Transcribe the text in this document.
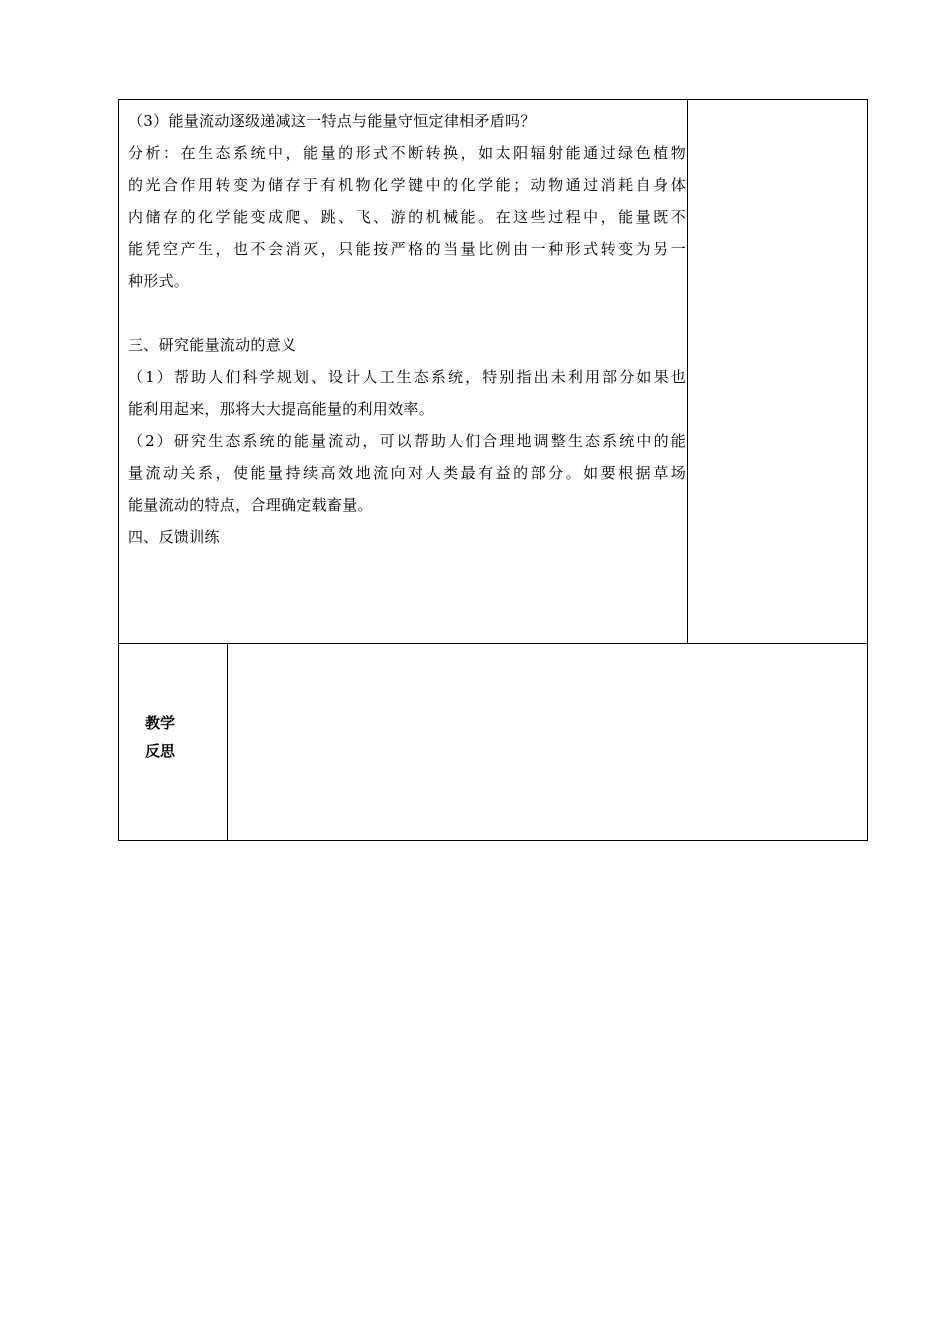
（3）能量流动逐级递减这一特点与能量守恒定律相矛盾吗？
分析：在生态系统中，能量的形式不断转换，如太阳辐射能通过绿色植物
的光合作用转变为储存于有机物化学键中的化学能；动物通过消耗自身体
内储存的化学能变成爬、跳、飞、游的机械能。在这些过程中，能量既不
能凭空产生，也不会消灭，只能按严格的当量比例由一种形式转变为另一
种形式。
三、研究能量流动的意义
（1）帮助人们科学规划、设计人工生态系统，特别指出未利用部分如果也
能利用起来，那将大大提高能量的利用效率。
（2）研究生态系统的能量流动，可以帮助人们合理地调整生态系统中的能
量流动关系，使能量持续高效地流向对人类最有益的部分。如要根据草场
能量流动的特点，合理确定载畜量。
四、反馈训练
教学
反思
